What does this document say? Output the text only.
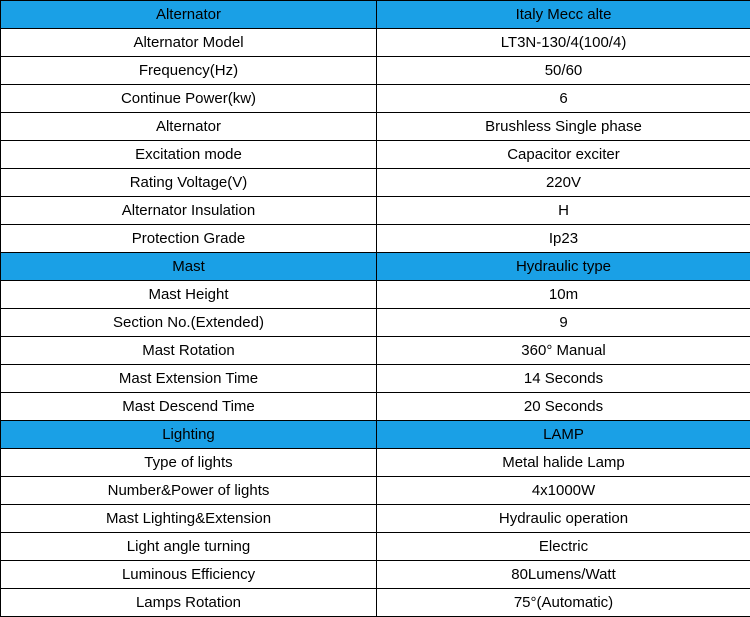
Alternator	Italy Mecc alte
Alternator Model	LT3N-130/4(100/4)
Frequency(Hz)	50/60
Continue Power(kw)	6
Alternator	Brushless Single phase
Excitation mode	Capacitor exciter
Rating Voltage(V)	220V
Alternator Insulation	H
Protection Grade	Ip23
Mast	Hydraulic type
Mast Height	10m
Section No.(Extended)	9
Mast Rotation	360° Manual
Mast Extension Time	14 Seconds
Mast Descend Time	20 Seconds
Lighting	LAMP
Type of lights	Metal halide Lamp
Number&Power of lights	4x1000W
Mast Lighting&Extension	Hydraulic operation
Light angle turning	Electric
Luminous Efficiency	80Lumens/Watt
Lamps Rotation	75°(Automatic)
